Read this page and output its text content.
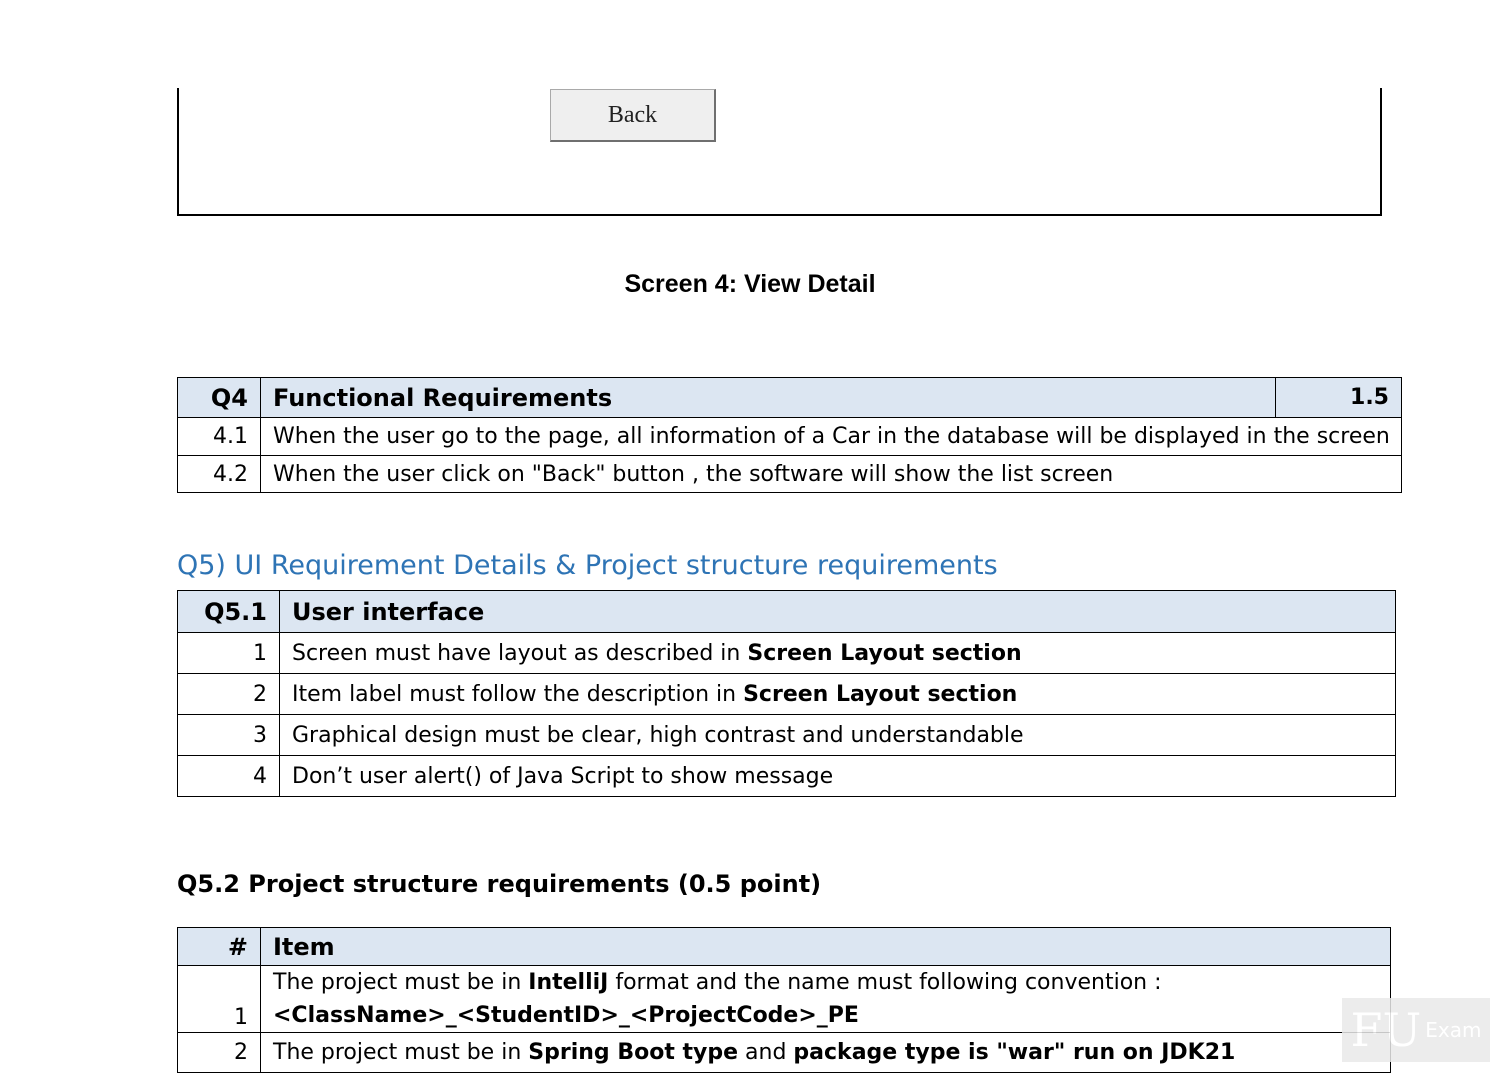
Back
Screen 4: View Detail
Q4	Functional Requirements	1.5
4.1	When the user go to the page, all information of a Car in the database will be displayed in the screen	
4.2	When the user click on "Back" button , the software will show the list screen	
Q5) UI Requirement Details & Project structure requirements
Q5.1	User interface
1	Screen must have layout as described in Screen Layout section
2	Item label must follow the description in Screen Layout section
3	Graphical design must be clear, high contrast and understandable
4	Don’t user alert() of Java Script to show message
Q5.2 Project structure requirements (0.5 point)
#	Item
1	The project must be in IntelliJ format and the name must following convention :
<ClassName>_<StudentID>_<ProjectCode>_PE

2	The project must be in Spring Boot type and package type is "war" run on JDK21	FU Exam
